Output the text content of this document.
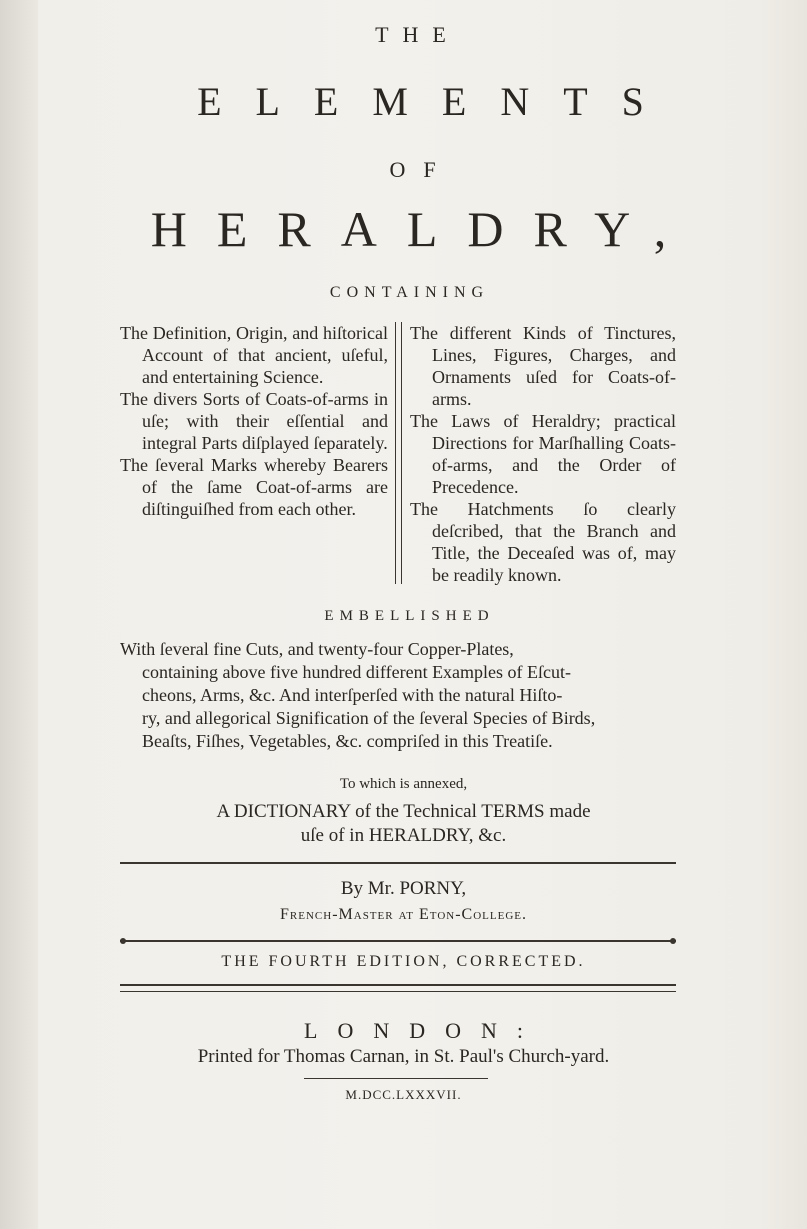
THE
ELEMENTS
OF
HERALDRY,
CONTAINING

The Definition, Origin, and hiſtorical Account of that ancient, uſeful, and entertaining Science.

The divers Sorts of Coats-of-arms in uſe; with their eſſential and integral Parts diſplayed ſeparately.

The ſeveral Marks whereby Bearers of the ſame Coat-of-arms are diſtinguiſhed from each other.

The different Kinds of Tinctures, Lines, Figures, Charges, and Ornaments uſed for Coats-of-arms.

The Laws of Heraldry; practical Directions for Marſhalling Coats-of-arms, and the Order of Precedence.

The Hatchments ſo clearly deſcribed, that the Branch and Title, the Deceaſed was of, may be readily known.

EMBELLISHED
With ſeveral fine Cuts, and twenty-four Copper-Plates,
containing above five hundred different Examples of Eſcut-
cheons, Arms, &c. And interſperſed with the natural Hiſto-
ry, and allegorical Signification of the ſeveral Species of Birds,
Beaſts, Fiſhes, Vegetables, &c. compriſed in this Treatiſe.
To which is annexed,
A DICTIONARY of the Technical TERMS made
uſe of in HERALDRY, &c.
By Mr. PORNY,
French-Master at Eton-College.
THE FOURTH EDITION, CORRECTED.
LONDON:
Printed for Thomas Carnan, in St. Paul's Church-yard.
M.DCC.LXXXVII.
